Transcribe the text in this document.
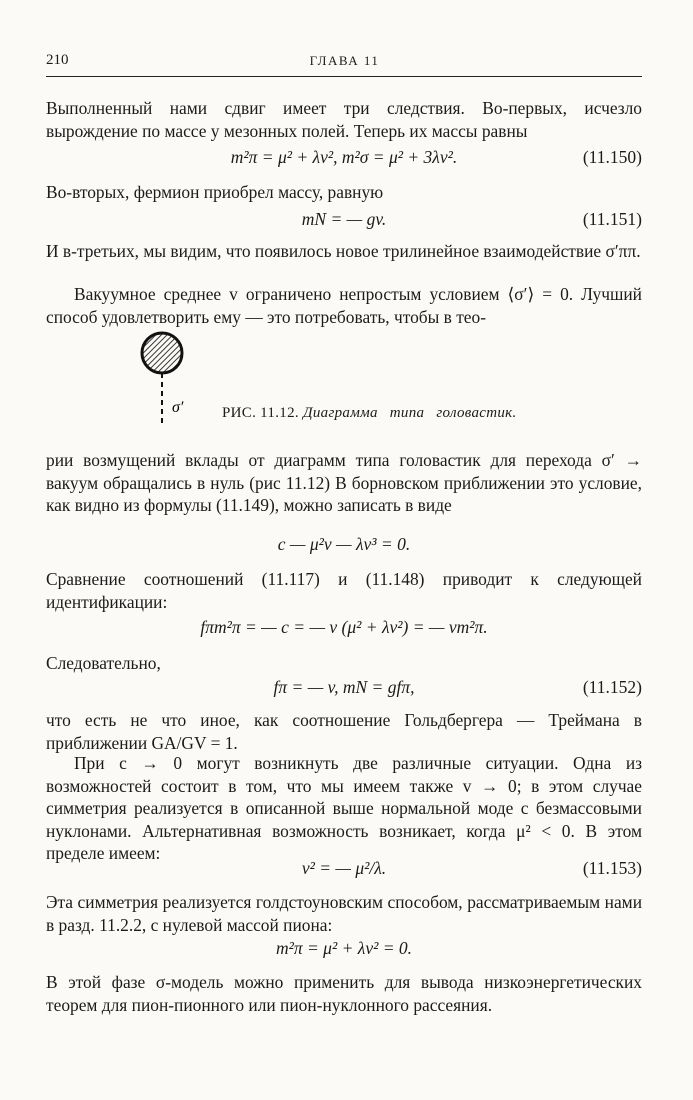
210	ГЛАВА 11
Выполненный нами сдвиг имеет три следствия. Во-первых, исчезло вырождение по массе у мезонных полей. Теперь их массы равны
m²π = μ² + λv², m²σ = μ² + 3λv².	(11.150)
Во-вторых, фермион приобрел массу, равную
mN = — gv.	(11.151)
И в-третьих, мы видим, что появилось новое трилинейное взаимодействие σ′ππ.
Вакуумное среднее v ограничено непростым условием ⟨σ′⟩ = 0. Лучший способ удовлетворить ему — это потребовать, чтобы в тео-
σ′	РИС. 11.12. Диаграмма типа головастик.
рии возмущений вклады от диаграмм типа головастик для перехода σ′ → вакуум обращались в нуль (рис 11.12) В борновском приближении это условие, как видно из формулы (11.149), можно записать в виде
c — μ²v — λv³ = 0.
Сравнение соотношений (11.117) и (11.148) приводит к следующей идентификации:
fπm²π = — c = — v (μ² + λv²) = — vm²π.
Следовательно,
fπ = — v, mN = gfπ,	(11.152)
что есть не что иное, как соотношение Гольдбергера — Треймана в приближении GA/GV = 1.
При c → 0 могут возникнуть две различные ситуации. Одна из возможностей состоит в том, что мы имеем также v → 0; в этом случае симметрия реализуется в описанной выше нормальной моде с безмассовыми нуклонами. Альтернативная возможность возникает, когда μ² < 0. В этом пределе имеем:
v² = — μ²/λ.	(11.153)
Эта симметрия реализуется голдстоуновским способом, рассматриваемым нами в разд. 11.2.2, с нулевой массой пиона:
m²π = μ² + λv² = 0.
В этой фазе σ-модель можно применить для вывода низкоэнергетических теорем для пион-пионного или пион-нуклонного рассеяния.
